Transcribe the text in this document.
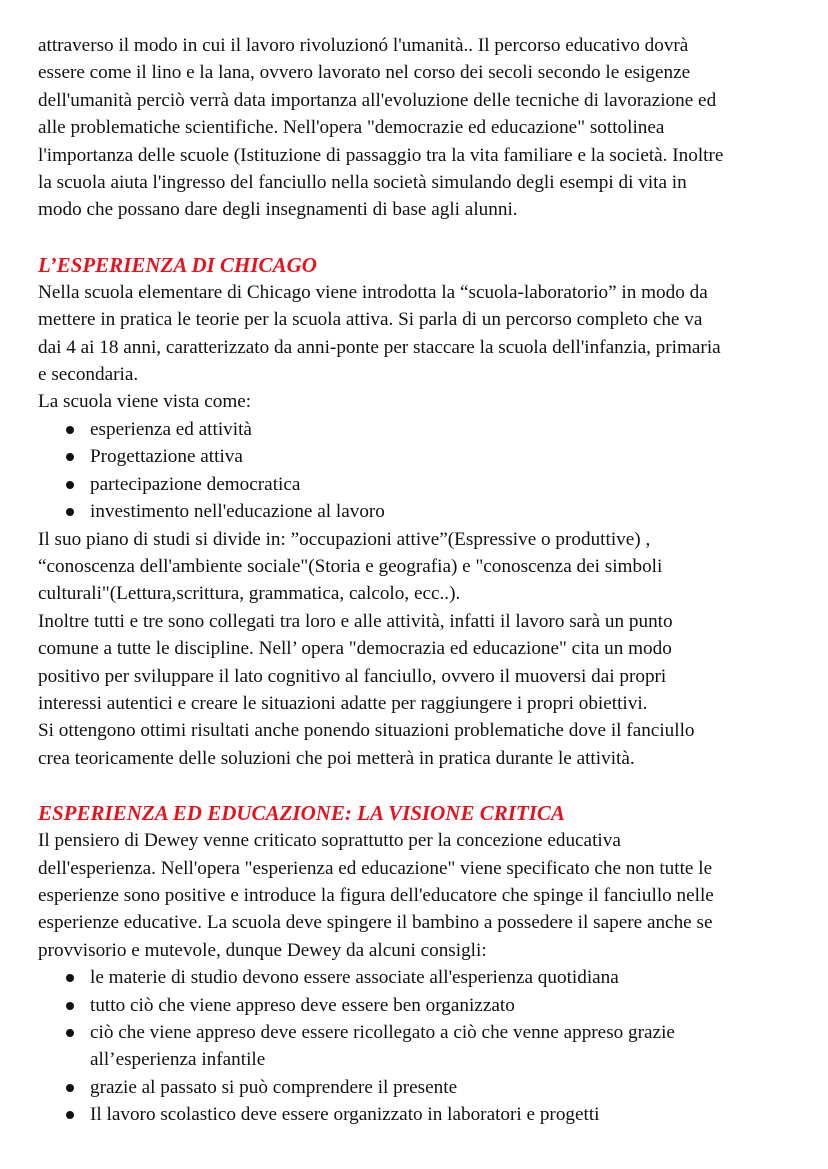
attraverso il modo in cui il lavoro rivoluzionó l'umanità.. Il percorso educativo dovrà
essere come il lino e la lana, ovvero lavorato nel corso dei secoli secondo le esigenze
dell'umanità perciò verrà data importanza all'evoluzione delle tecniche di lavorazione ed
alle problematiche scientifiche. Nell'opera "democrazie ed educazione" sottolinea
l'importanza delle scuole (Istituzione di passaggio tra la vita familiare e la società. Inoltre
la scuola aiuta l'ingresso del fanciullo nella società simulando degli esempi di vita in
modo che possano dare degli insegnamenti di base agli alunni.

L’ESPERIENZA DI CHICAGO

Nella scuola elementare di Chicago viene introdotta la “scuola-laboratorio” in modo da
mettere in pratica le teorie per la scuola attiva. Si parla di un percorso completo che va
dai 4 ai 18 anni, caratterizzato da anni-ponte per staccare la scuola dell'infanzia, primaria
e secondaria.
La scuola viene vista come:

esperienza ed attività
Progettazione attiva
partecipazione democratica
investimento nell'educazione al lavoro

Il suo piano di studi si divide in: ”occupazioni attive”(Espressive o produttive) ,
“conoscenza dell'ambiente sociale"(Storia e geografia) e "conoscenza dei simboli
culturali"(Lettura,scrittura, grammatica, calcolo, ecc..).
Inoltre tutti e tre sono collegati tra loro e alle attività, infatti il lavoro sarà un punto
comune a tutte le discipline. Nell’ opera "democrazia ed educazione" cita un modo
positivo per sviluppare il lato cognitivo al fanciullo, ovvero il muoversi dai propri
interessi autentici e creare le situazioni adatte per raggiungere i propri obiettivi.
Si ottengono ottimi risultati anche ponendo situazioni problematiche dove il fanciullo
crea teoricamente delle soluzioni che poi metterà in pratica durante le attività.

ESPERIENZA ED EDUCAZIONE: LA VISIONE CRITICA

Il pensiero di Dewey venne criticato soprattutto per la concezione educativa
dell'esperienza. Nell'opera "esperienza ed educazione" viene specificato che non tutte le
esperienze sono positive e introduce la figura dell'educatore che spinge il fanciullo nelle
esperienze educative. La scuola deve spingere il bambino a possedere il sapere anche se
provvisorio e mutevole, dunque Dewey da alcuni consigli:

le materie di studio devono essere associate all'esperienza quotidiana
tutto ciò che viene appreso deve essere ben organizzato
ciò che viene appreso deve essere ricollegato a ciò che venne appreso grazie
all’esperienza infantile
grazie al passato si può comprendere il presente
Il lavoro scolastico deve essere organizzato in laboratori e progetti
